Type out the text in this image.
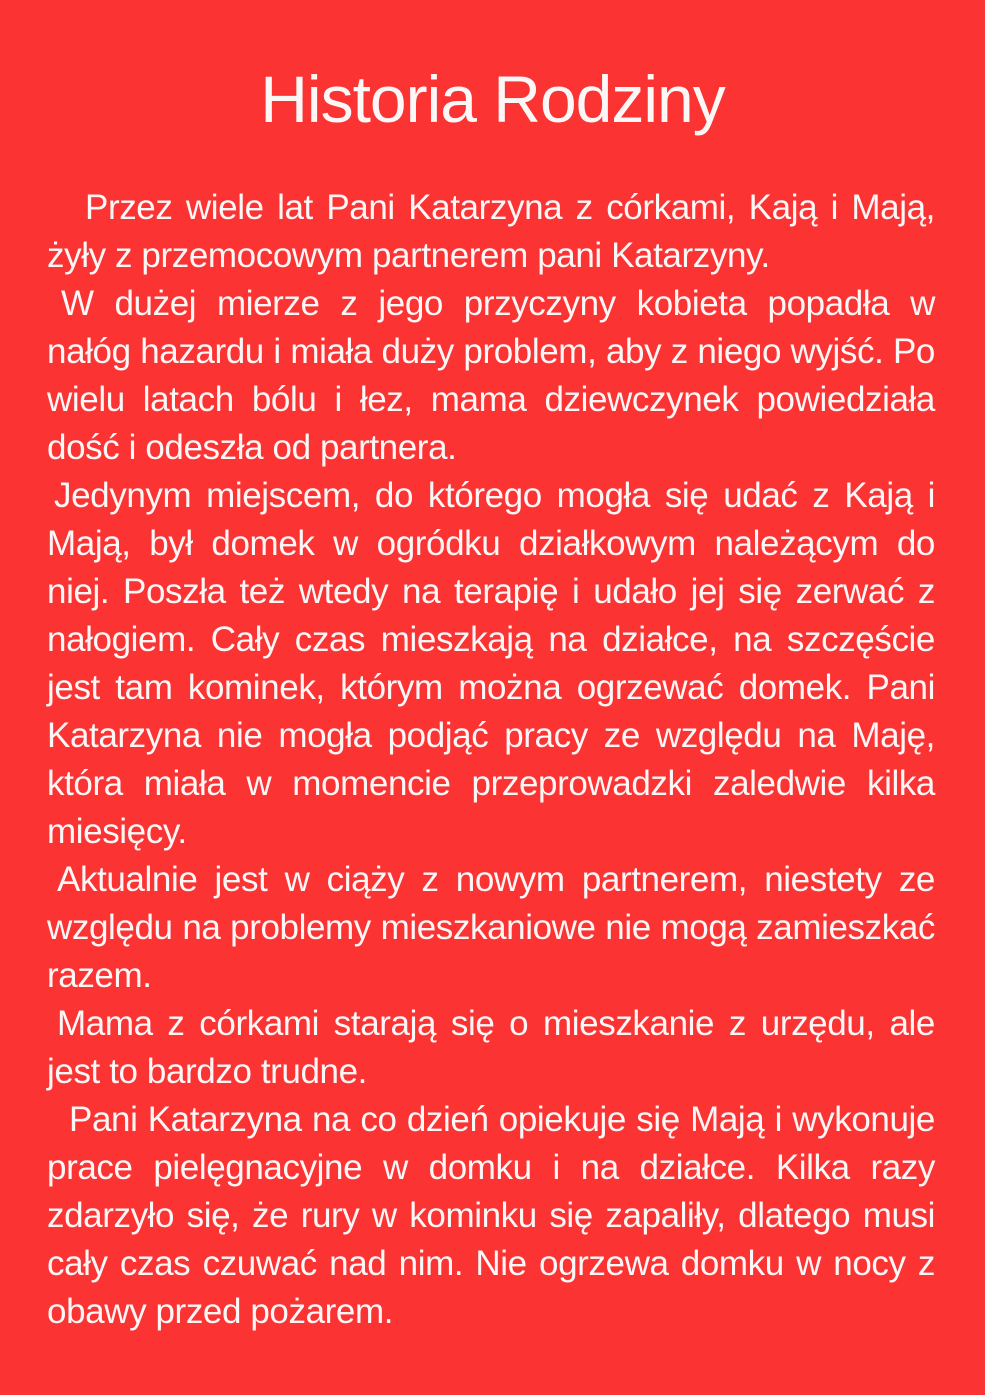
Historia Rodziny

Przez wiele lat Pani Katarzyna z córkami, Kają i Mają, żyły z przemocowym partnerem pani Katarzyny.

W dużej mierze z jego przyczyny kobieta popadła w nałóg hazardu i miała duży problem, aby z niego wyjść. Po wielu latach bólu i łez, mama dziewczynek powiedziała dość i odeszła od partnera.

Jedynym miejscem, do którego mogła się udać z Kają i Mają, był domek w ogródku działkowym należącym do niej. Poszła też wtedy na terapię i udało jej się zerwać z nałogiem. Cały czas mieszkają na działce, na szczęście jest tam kominek, którym można ogrzewać domek. Pani Katarzyna nie mogła podjąć pracy ze względu na Maję, która miała w momencie przeprowadzki zaledwie kilka miesięcy.

Aktualnie jest w ciąży z nowym partnerem, niestety ze względu na problemy mieszkaniowe nie mogą zamieszkać razem.

Mama z córkami starają się o mieszkanie z urzędu, ale jest to bardzo trudne.

Pani Katarzyna na co dzień opiekuje się Mają i wykonuje prace pielęgnacyjne w domku i na działce. Kilka razy zdarzyło się, że rury w kominku się zapaliły, dlatego musi cały czas czuwać nad nim. Nie ogrzewa domku w nocy z obawy przed pożarem.
